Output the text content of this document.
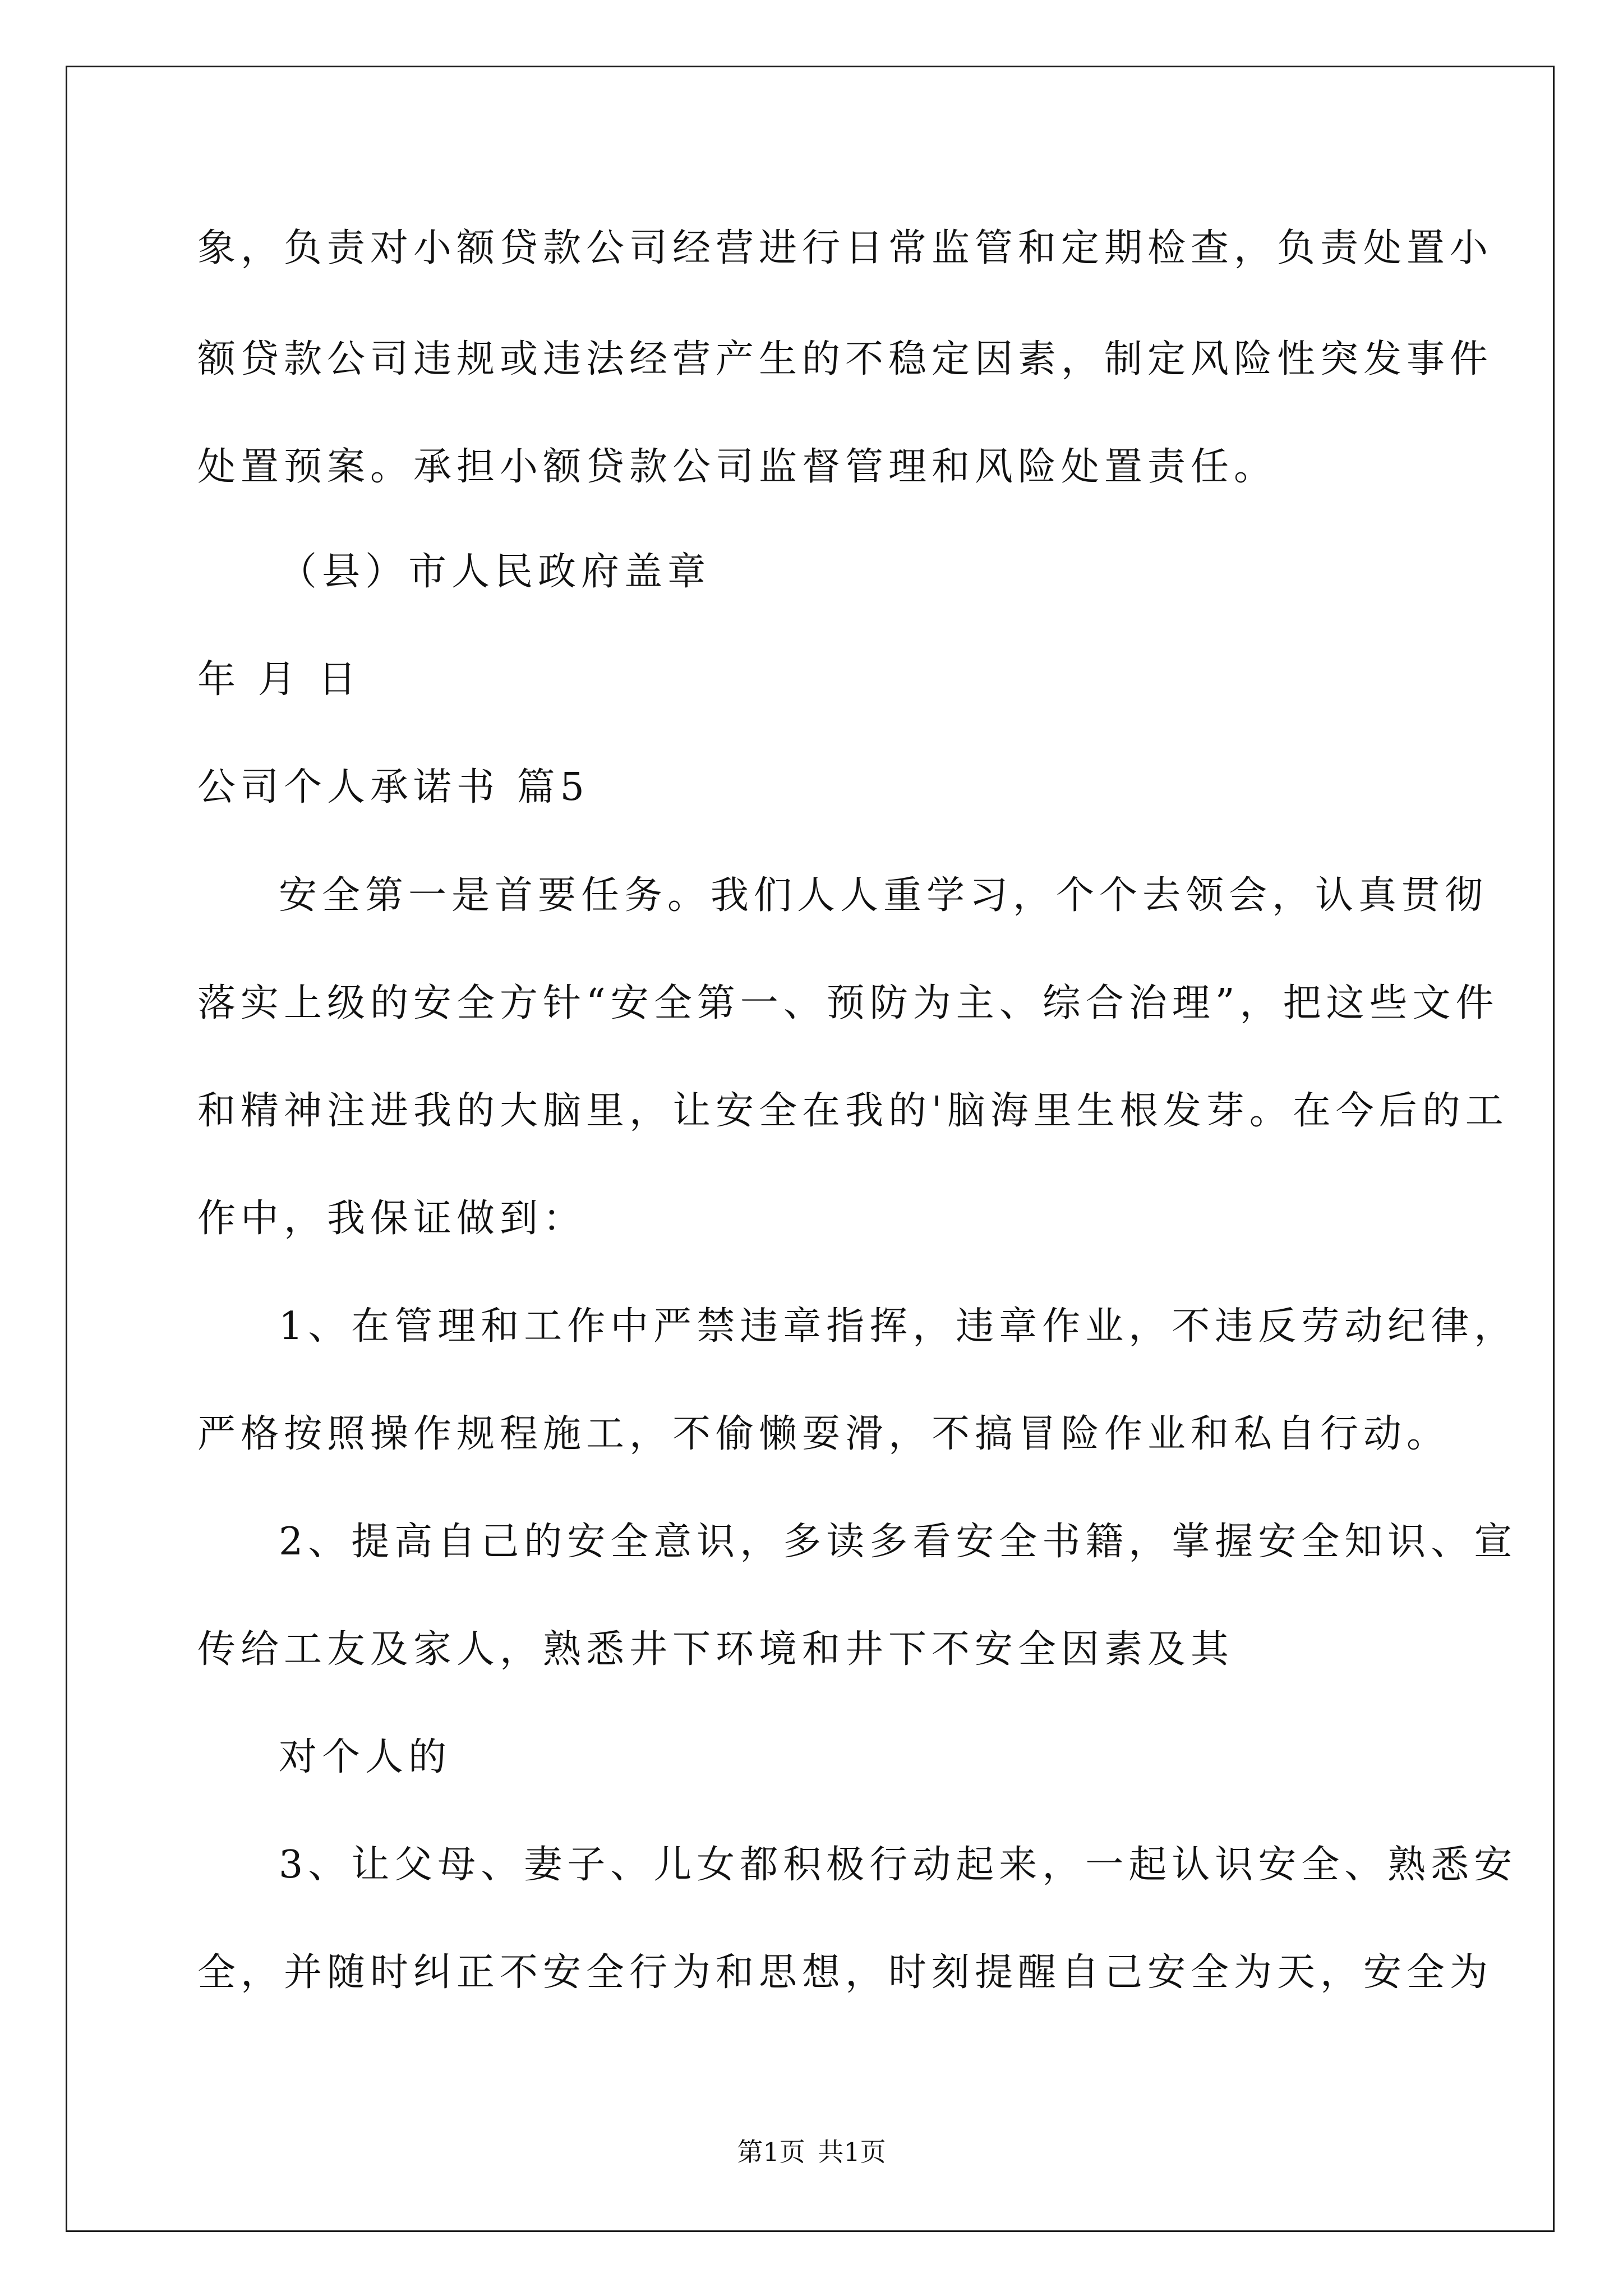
象，负责对小额贷款公司经营进行日常监管和定期检查，负责处置小

额贷款公司违规或违法经营产生的不稳定因素，制定风险性突发事件

处置预案。承担小额贷款公司监督管理和风险处置责任。

（县）市人民政府盖章

年 月 日

公司个人承诺书 篇5

安全第一是首要任务。我们人人重学习，个个去领会，认真贯彻

落实上级的安全方针“安全第一、预防为主、综合治理”，把这些文件

和精神注进我的大脑里，让安全在我的'脑海里生根发芽。在今后的工

作中，我保证做到：

1、在管理和工作中严禁违章指挥，违章作业，不违反劳动纪律，

严格按照操作规程施工，不偷懒耍滑，不搞冒险作业和私自行动。

2、提高自己的安全意识，多读多看安全书籍，掌握安全知识、宣

传给工友及家人，熟悉井下环境和井下不安全因素及其

对个人的

3、让父母、妻子、儿女都积极行动起来，一起认识安全、熟悉安

全，并随时纠正不安全行为和思想，时刻提醒自己安全为天，安全为

第1页 共1页
